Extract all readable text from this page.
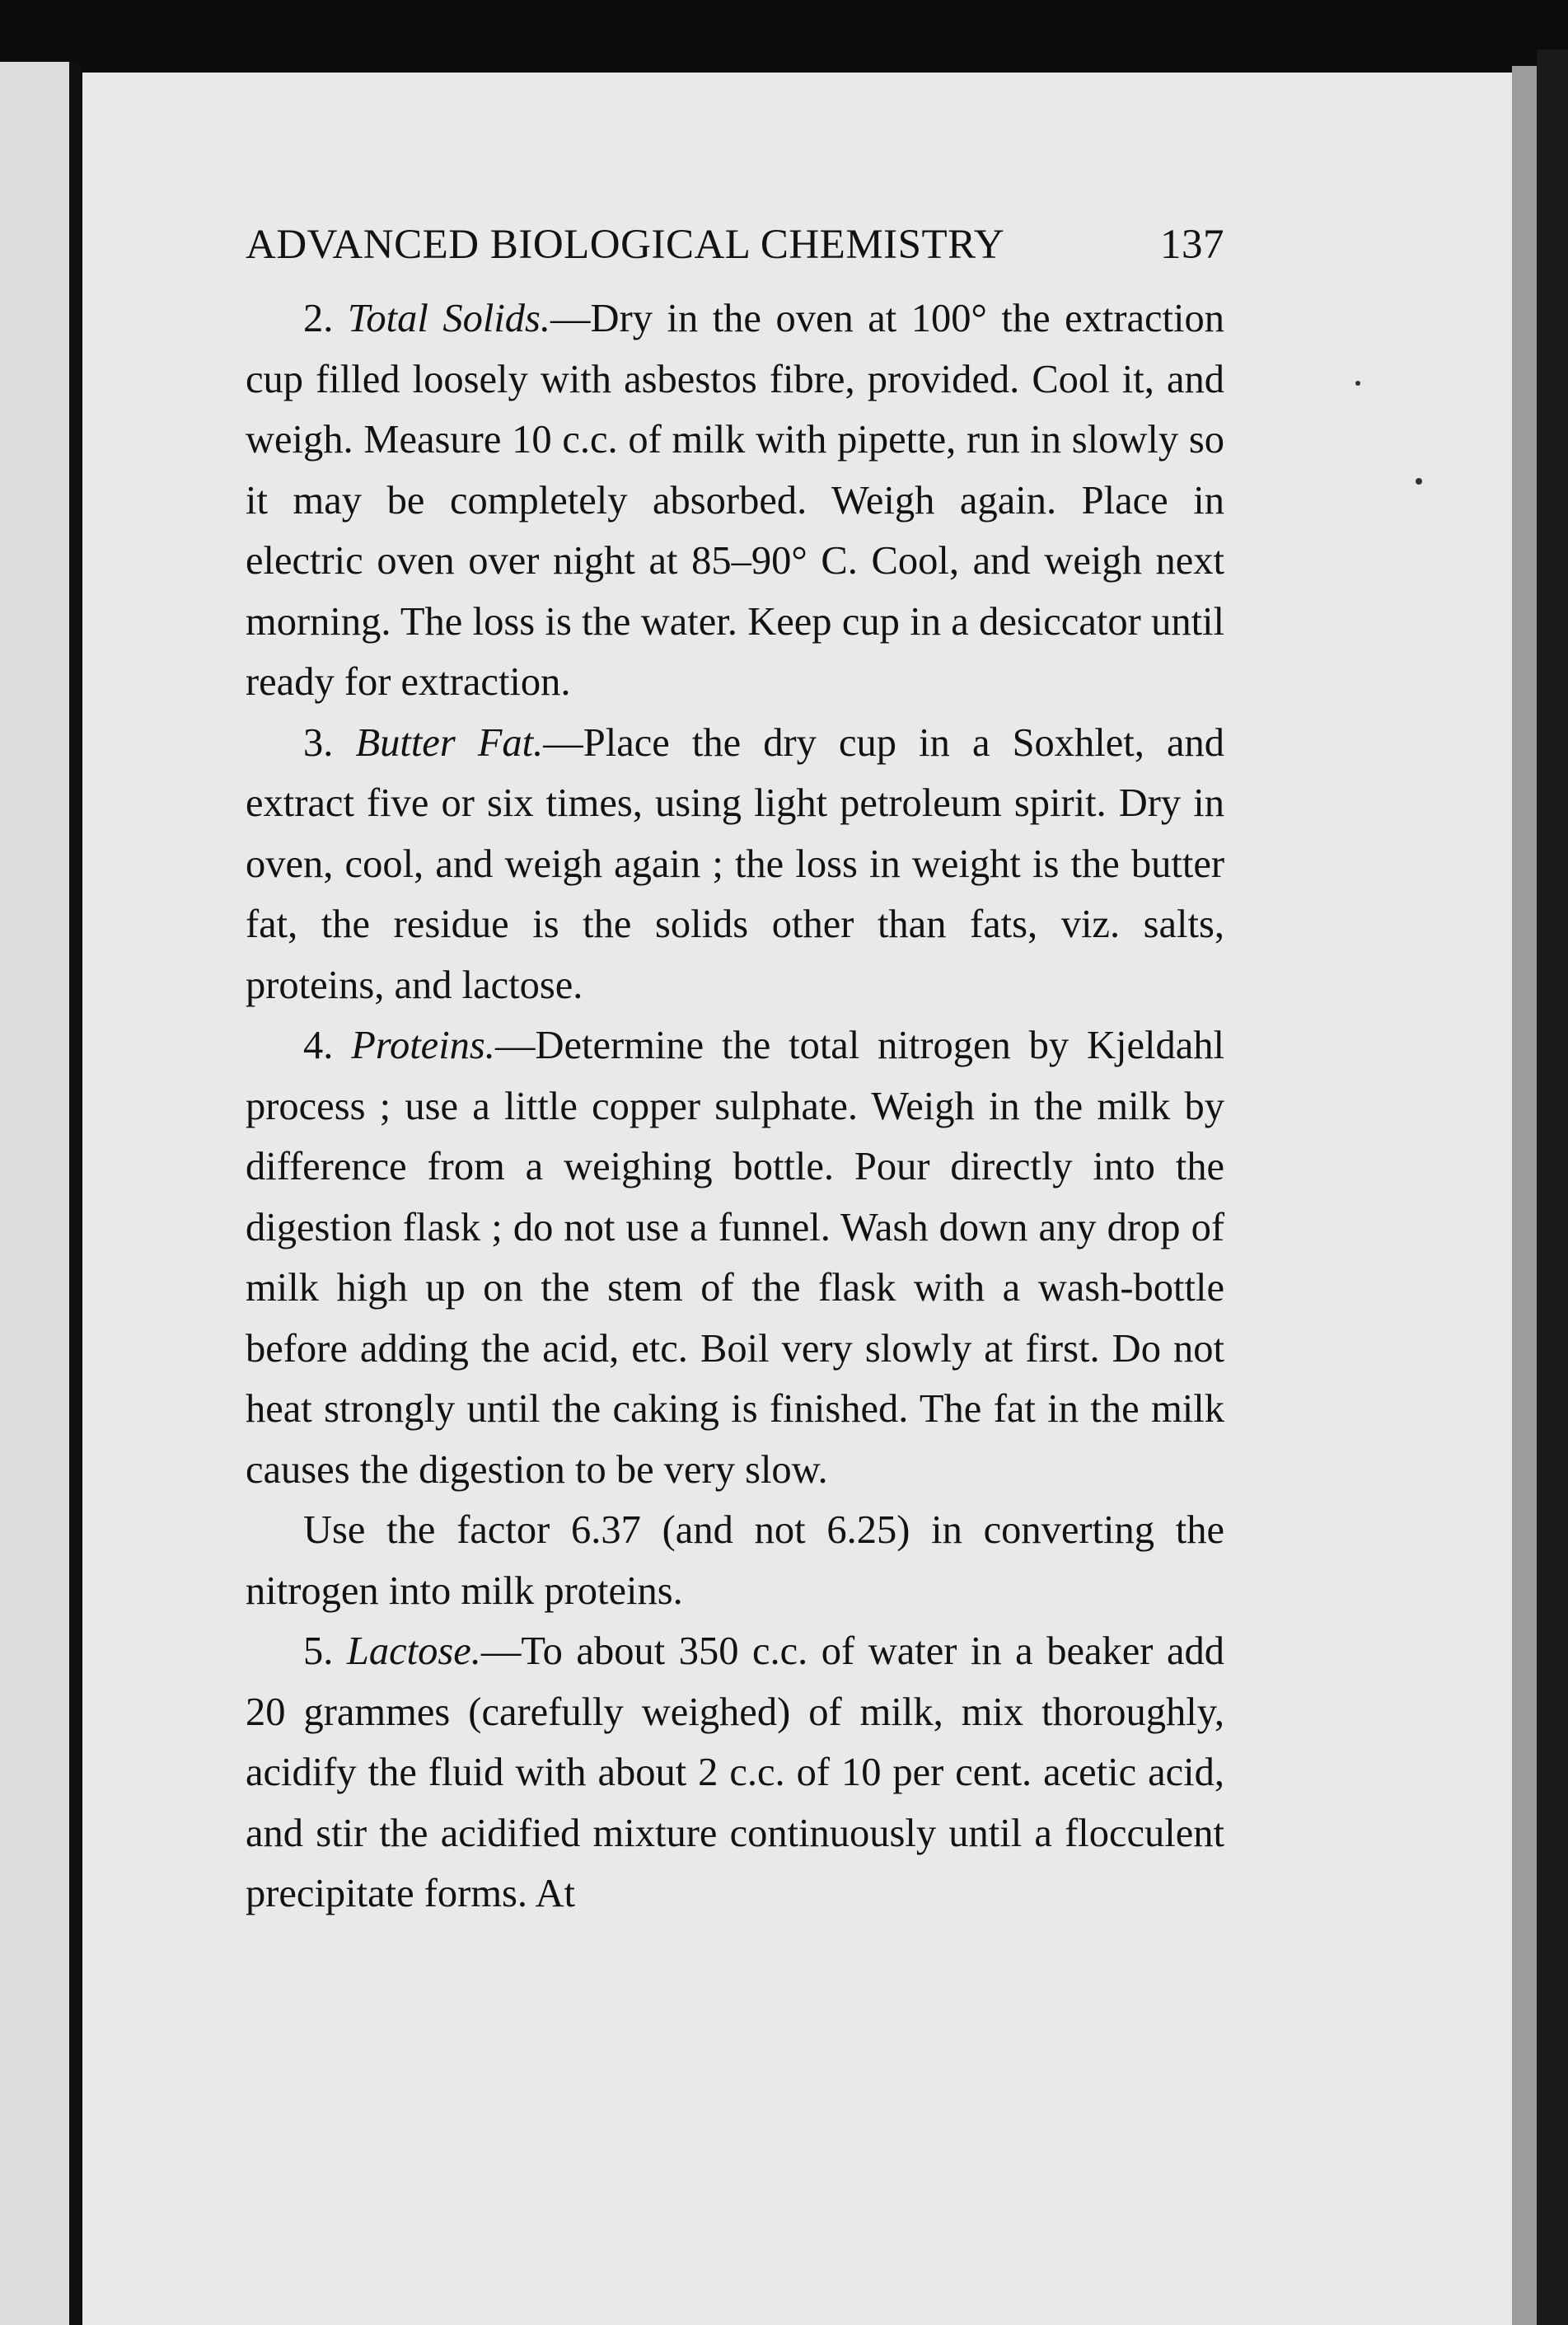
ADVANCED BIOLOGICAL CHEMISTRY	137

2. Total Solids.—Dry in the oven at 100° the extraction cup filled loosely with asbestos fibre, provided. Cool it, and weigh. Measure 10 c.c. of milk with pipette, run in slowly so it may be completely absorbed. Weigh again. Place in electric oven over night at 85–90° C. Cool, and weigh next morning. The loss is the water. Keep cup in a desiccator until ready for extraction.

3. Butter Fat.—Place the dry cup in a Soxhlet, and extract five or six times, using light petroleum spirit. Dry in oven, cool, and weigh again ; the loss in weight is the butter fat, the residue is the solids other than fats, viz. salts, proteins, and lactose.

4. Proteins.—Determine the total nitrogen by Kjeldahl process ; use a little copper sulphate. Weigh in the milk by difference from a weighing bottle. Pour directly into the digestion flask ; do not use a funnel. Wash down any drop of milk high up on the stem of the flask with a wash-bottle before adding the acid, etc. Boil very slowly at first. Do not heat strongly until the caking is finished. The fat in the milk causes the digestion to be very slow.

Use the factor 6.37 (and not 6.25) in converting the nitrogen into milk proteins.

5. Lactose.—To about 350 c.c. of water in a beaker add 20 grammes (carefully weighed) of milk, mix thoroughly, acidify the fluid with about 2 c.c. of 10 per cent. acetic acid, and stir the acidified mixture continuously until a flocculent precipitate forms. At
